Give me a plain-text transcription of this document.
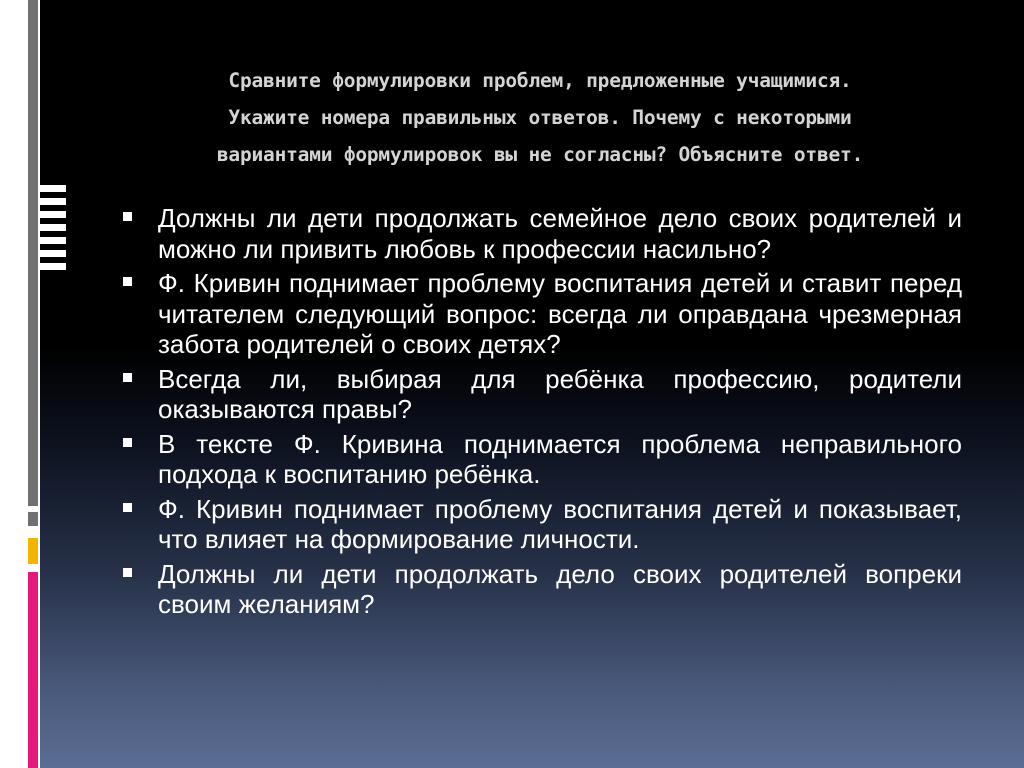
Сравните формулировки проблем, предложенные учащимися.
Укажите номера правильных ответов. Почему с некоторыми
вариантами формулировок вы не согласны? Объясните ответ.
Должны ли дети продолжать семейное дело своих родителей и можно ли привить любовь к профессии насильно?
Ф. Кривин поднимает проблему воспитания детей и ставит перед читателем следующий вопрос: всегда ли оправдана чрезмерная забота родителей о своих детях?
Всегда ли, выбирая для ребёнка профессию, родители оказываются правы?
В тексте Ф. Кривина поднимается проблема неправильного подхода к воспитанию ребёнка.
Ф. Кривин поднимает проблему воспитания детей и показывает, что влияет на формирование личности.
Должны ли дети продолжать дело своих родителей вопреки своим желаниям?
